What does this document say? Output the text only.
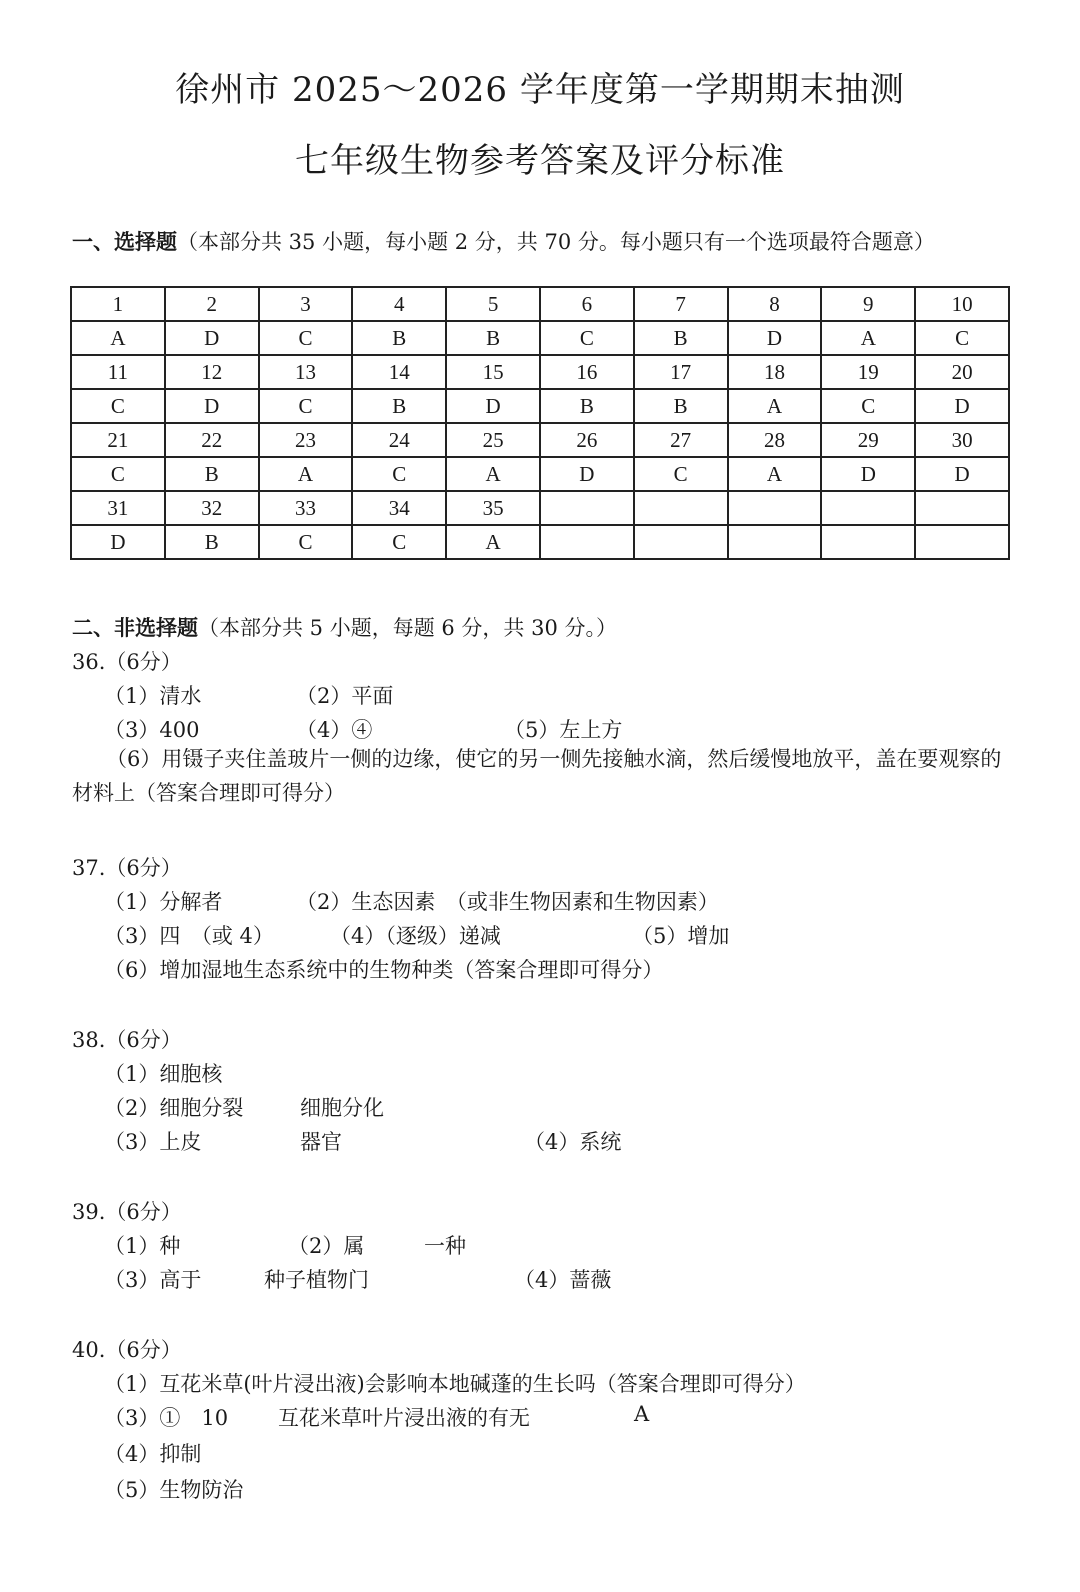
徐州市 2025～2026 学年度第一学期期末抽测
七年级生物参考答案及评分标准
一、选择题（本部分共 35 小题，每小题 2 分，共 70 分。每小题只有一个选项最符合题意）
1	2	3	4	5	6	7	8	9	10
A	D	C	B	B	C	B	D	A	C
11	12	13	14	15	16	17	18	19	20
C	D	C	B	D	B	B	A	C	D
21	22	23	24	25	26	27	28	29	30
C	B	A	C	A	D	C	A	D	D
31	32	33	34	35					
D	B	C	C	A					
二、非选择题（本部分共 5 小题，每题 6 分，共 30 分。）
36.（6分）
（1）清水	（2）平面
（3）400	（4）④	（5）左上方
（6）用镊子夹住盖玻片一侧的边缘，使它的另一侧先接触水滴，然后缓慢地放平，盖在要观察的材料上（答案合理即可得分）
37.（6分）
（1）分解者	（2）生态因素　（或非生物因素和生物因素）
（3）四　（或 4）	（4）（逐级）递减	（5）增加
（6）增加湿地生态系统中的生物种类（答案合理即可得分）
38.（6分）
（1）细胞核
（2）细胞分裂	细胞分化
（3）上皮	器官	（4）系统
39.（6分）
（1）种	（2）属	一种
（3）高于	种子植物门	（4）蔷薇
40.（6分）
（1）互花米草(叶片浸出液)会影响本地碱蓬的生长吗（答案合理即可得分）
（3）①　10 互花米草叶片浸出液的有无	A
（4）抑制
（5）生物防治
